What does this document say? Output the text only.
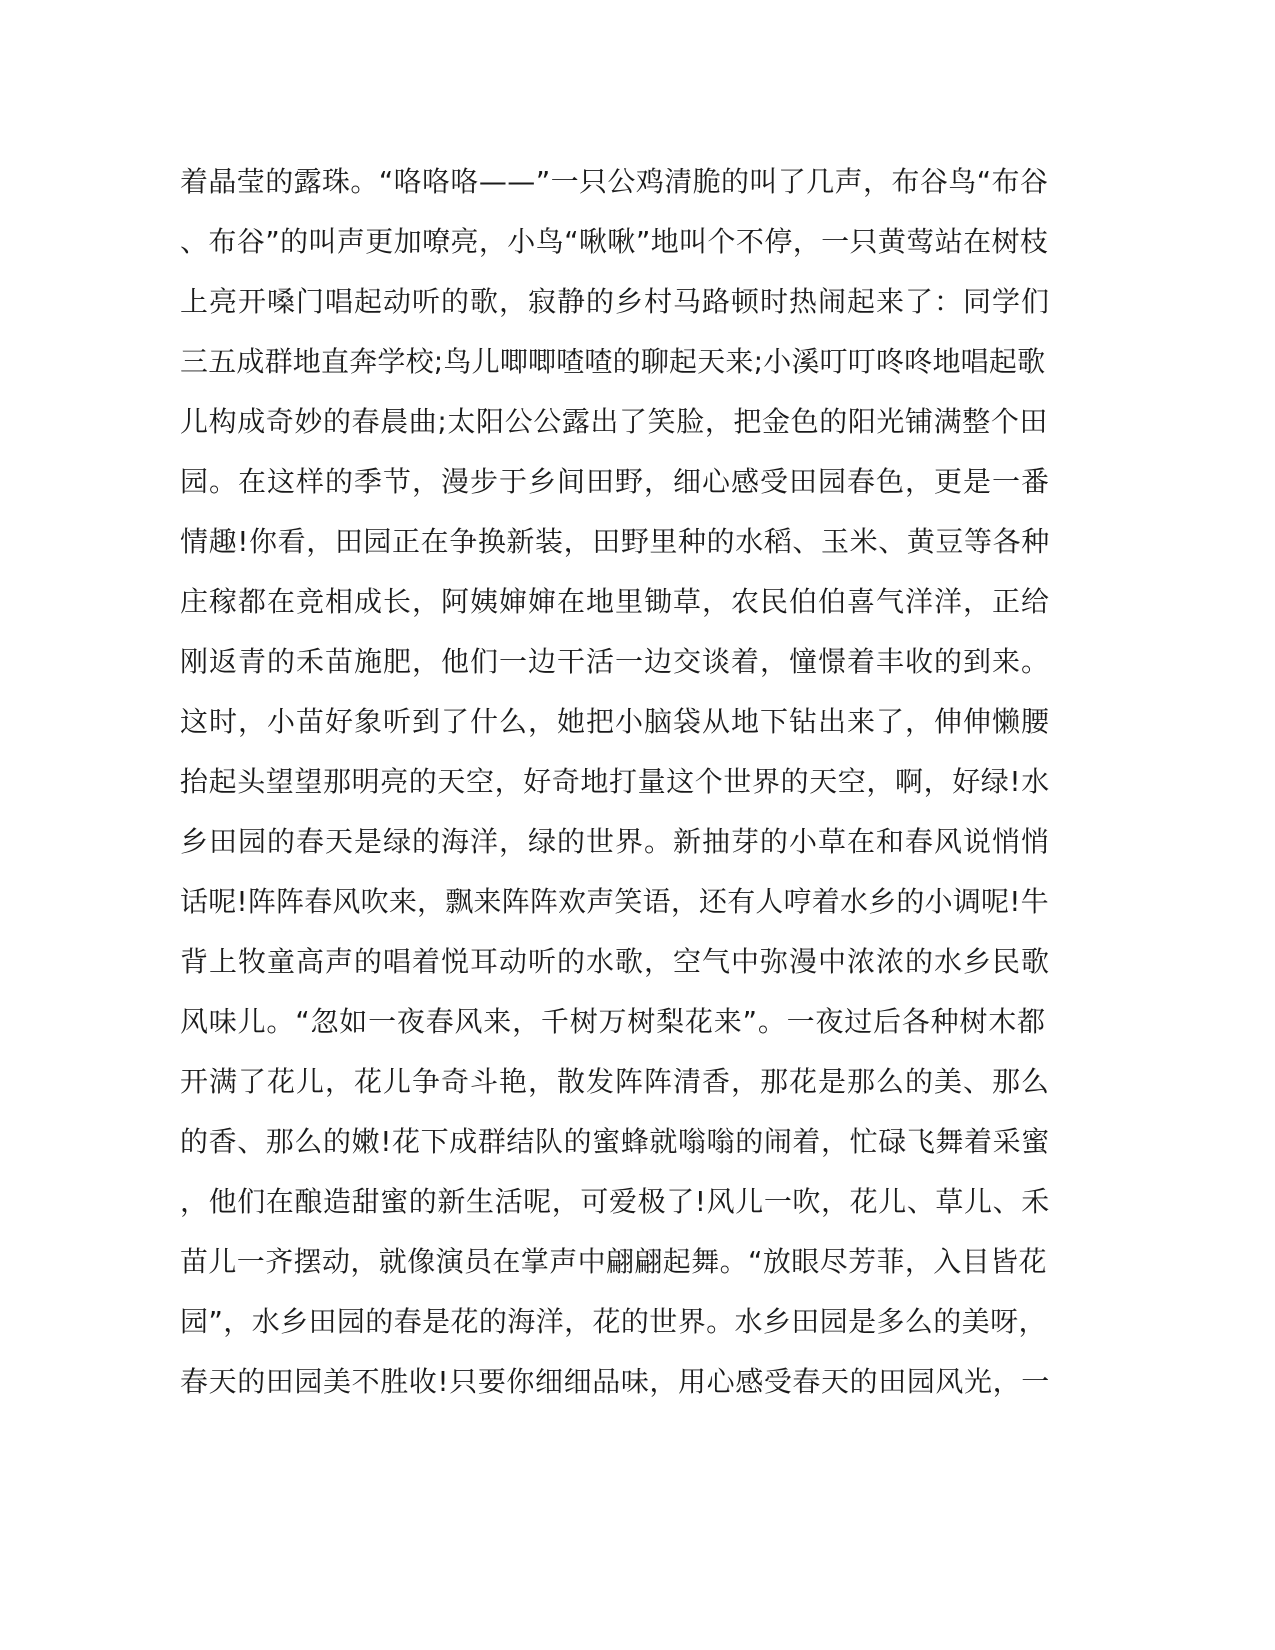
着晶莹的露珠。“咯咯咯——”一只公鸡清脆的叫了几声，布谷鸟“布谷
、布谷”的叫声更加嘹亮，小鸟“啾啾”地叫个不停，一只黄莺站在树枝
上亮开嗓门唱起动听的歌，寂静的乡村马路顿时热闹起来了：同学们
三五成群地直奔学校;鸟儿唧唧喳喳的聊起天来;小溪叮叮咚咚地唱起歌
儿构成奇妙的春晨曲;太阳公公露出了笑脸，把金色的阳光铺满整个田
园。在这样的季节，漫步于乡间田野，细心感受田园春色，更是一番
情趣!你看，田园正在争换新装，田野里种的水稻、玉米、黄豆等各种
庄稼都在竞相成长，阿姨婶婶在地里锄草，农民伯伯喜气洋洋，正给
刚返青的禾苗施肥，他们一边干活一边交谈着，憧憬着丰收的到来。
这时，小苗好象听到了什么，她把小脑袋从地下钻出来了，伸伸懒腰
抬起头望望那明亮的天空，好奇地打量这个世界的天空，啊，好绿!水
乡田园的春天是绿的海洋，绿的世界。新抽芽的小草在和春风说悄悄
话呢!阵阵春风吹来，飘来阵阵欢声笑语，还有人哼着水乡的小调呢!牛
背上牧童高声的唱着悦耳动听的水歌，空气中弥漫中浓浓的水乡民歌
风味儿。“忽如一夜春风来，千树万树梨花来”。一夜过后各种树木都
开满了花儿，花儿争奇斗艳，散发阵阵清香，那花是那么的美、那么
的香、那么的嫩!花下成群结队的蜜蜂就嗡嗡的闹着，忙碌飞舞着采蜜
，他们在酿造甜蜜的新生活呢，可爱极了!风儿一吹，花儿、草儿、禾
苗儿一齐摆动，就像演员在掌声中翩翩起舞。“放眼尽芳菲，入目皆花
园”，水乡田园的春是花的海洋，花的世界。水乡田园是多么的美呀，
春天的田园美不胜收!只要你细细品味，用心感受春天的田园风光，一
